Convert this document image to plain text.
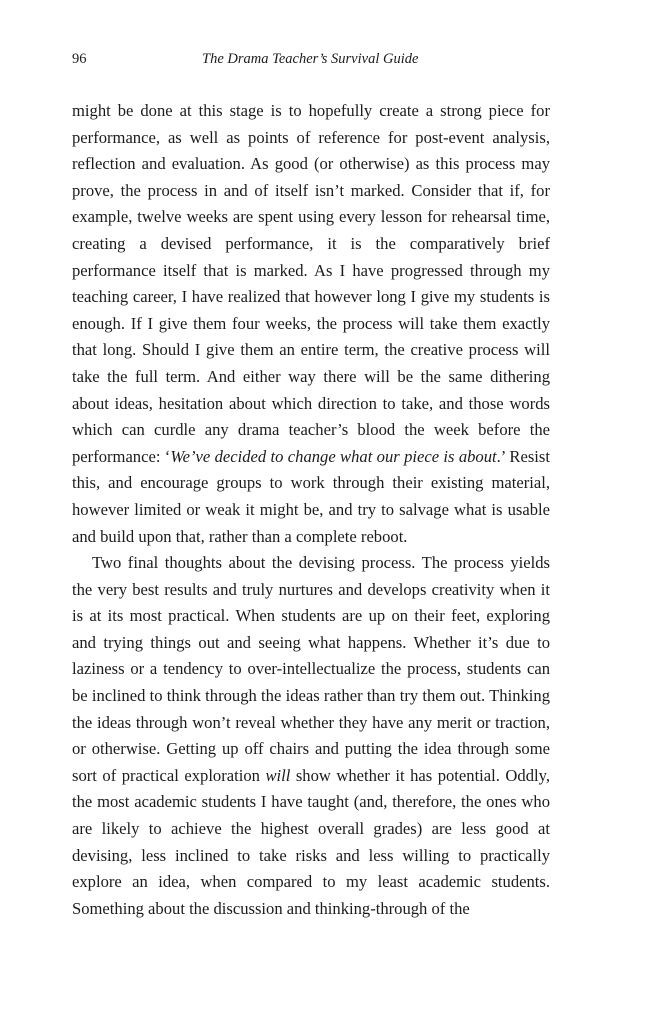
96	The Drama Teacher’s Survival Guide

might be done at this stage is to hopefully create a strong piece for performance, as well as points of reference for post-event analysis, reflection and evaluation. As good (or otherwise) as this process may prove, the process in and of itself isn’t marked. Consider that if, for example, twelve weeks are spent using every lesson for rehearsal time, creating a devised performance, it is the comparatively brief performance itself that is marked. As I have progressed through my teaching career, I have realized that however long I give my students is enough. If I give them four weeks, the process will take them exactly that long. Should I give them an entire term, the creative process will take the full term. And either way there will be the same dithering about ideas, hesitation about which direction to take, and those words which can curdle any drama teacher’s blood the week before the performance: ‘We’ve decided to change what our piece is about.’ Resist this, and encourage groups to work through their existing material, however limited or weak it might be, and try to salvage what is usable and build upon that, rather than a complete reboot.

Two final thoughts about the devising process. The process yields the very best results and truly nurtures and develops creativity when it is at its most practical. When students are up on their feet, exploring and trying things out and seeing what happens. Whether it’s due to laziness or a tendency to over-intellectualize the process, students can be inclined to think through the ideas rather than try them out. Thinking the ideas through won’t reveal whether they have any merit or traction, or otherwise. Getting up off chairs and putting the idea through some sort of practical exploration will show whether it has potential. Oddly, the most academic students I have taught (and, therefore, the ones who are likely to achieve the highest overall grades) are less good at devising, less inclined to take risks and less willing to practically explore an idea, when compared to my least academic students. Something about the discussion and thinking-through of the
